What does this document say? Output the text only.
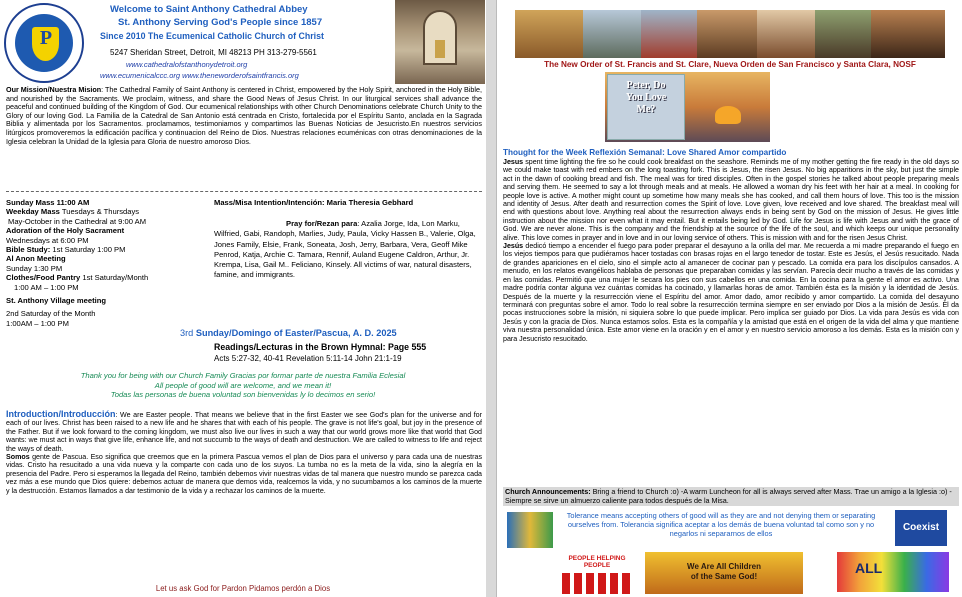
P
Welcome to Saint Anthony Cathedral Abbey
St. Anthony Serving God's People since 1857
Since 2010 The Ecumenical Catholic Church of Christ
5247 Sheridan Street, Detroit, MI 48213 PH 313-279-5561
www.cathedralofstanthonydetroit.org
www.ecumenicalccc.org www.theneworderofsaintfrancis.org
Our Mission/Nuestra Mision: The Cathedral Family of Saint Anthony is centered in Christ, empowered by the Holy Spirit, anchored in the Holy Bible, and nourished by the Sacraments. We proclaim, witness, and share the Good News of Jesus Christ. In our liturgical services shall advance the peaceful and continued building of the Kingdom of God. Our ecumenical relationships with other Church Denominations celebrate Church Unity to the Glory of our loving God. La Familia de la Catedral de San Antonio está centrada en Cristo, fortalecida por el Espíritu Santo, anclada en la Sagrada Biblia y alimentada por los Sacramentos. proclamamos, testimoniamos y compartimos las Buenas Noticias de Jesucristo.En nuestros servicios litúrgicos promoveremos la edificación pacífica y continuacion del Reino de Dios. Nuestras relaciones ecuménicas con otras denominaciones de la Iglesia celebran la Unidad de la Iglesia para Gloria de nuestro amoroso Dios.
Sunday Mass 11:00 AM
Weekday Mass Tuesdays & Thursdays
May-October in the Cathedral at 9:00 AM
Adoration of the Holy Sacrament
Wednesdays at 6:00 PM
Bible Study: 1st Saturday 1:00 PM
Al Anon Meeting
Sunday 1:30 PM
Clothes/Food Pantry 1st Saturday/Month
1:00 AM – 1:00 PM
St. Anthony Village meeting
2nd Saturday of the Month
1:00AM – 1:00 PM
Mass/Misa Intention/Intención: Maria Theresia Gebhard
Pray for/Rezan para: Azalia Jorge, Ida, Lon Marku, Wilfried, Gabi, Randoph, Marlies, Judy, Paula, Vicky Hassen B., Valerie, Olga, Jones Family, Elsie, Frank, Soneata, Josh, Jerry, Barbara, Vera, Geoff Mike Penrod, Katja, Archie C. Tamara, Rennif, Auland Eugene Caldron, Arthur, Jr. Krempa, Lisa, Gail M.. Feliciano, Kinsely. All victims of war, natural disasters, famine, and immigrants.
3rd Sunday/Domingo of Easter/Pascua, A. D. 2025
Readings/Lecturas in the Brown Hymnal: Page 555
Acts 5:27-32, 40-41 Revelation 5:11-14 John 21:1-19
Thank you for being with our Church Family Gracias por formar parte de nuestra Familia Eclesial
All people of good will are welcome, and we mean it!
Todas las personas de buena voluntad son bienvenidas ly lo decimos en serio!
Introduction/Introducción: We are Easter people. That means we believe that in the first Easter we see God's plan for the universe and for each of our lives. Christ has been raised to a new life and he shares that with each of his people. The grave is not life's goal, but joy in the presence of the Father. But if we look forward to the coming kingdom, we must also live our lives in such a way that our world grows more like that world that God wants: we must act in ways that give life, enhance life, and not succumb to the ways of death and destruction. We are called to witness to life and reject the ways of death.
Somos gente de Pascua. Eso significa que creemos que en la primera Pascua vemos el plan de Dios para el universo y para cada una de nuestras vidas. Cristo ha resucitado a una vida nueva y la comparte con cada uno de los suyos. La tumba no es la meta de la vida, sino la alegría en la presencia del Padre. Pero si esperamos la llegada del Reino, también debemos vivir nuestras vidas de tal manera que nuestro mundo se parezca cada vez más a ese mundo que Dios quiere: debemos actuar de manera que demos vida, realcemos la vida, y no sucumbamos a los caminos de la muerte y la destrucción. Estamos llamados a dar testimonio de la vida y a rechazar los caminos de la muerte.
Let us ask God for Pardon Pidamos perdón a Dios
The New Order of St. Francis and St. Clare, Nueva Orden de San Francisco y Santa Clara, NOSF
Peter, Do
You Love
Me?
Thought for the Week Reflexión Semanal: Love Shared Amor compartido
Jesus spent time lighting the fire so he could cook breakfast on the seashore. Reminds me of my mother getting the fire ready in the old days so we could make toast with red embers on the long toasting fork. This is Jesus, the risen Jesus. No big apparitions in the sky, but just the simple act in the dawn of cooking bread and fish. The meal was for tired disciples. Often in the gospel stories he talked about people preparing meals and serving them. He seemed to say a lot through meals and at meals. He allowed a woman dry his feet with her hair at a meal. In cooking for people love is active. A mother might count up sometime how many meals she has cooked, and call them hours of love. This too is the mission and identity of Jesus. After death and resurrection comes the Spirit of love. Love given, love received and love shared. The breakfast meal will end with questions about love. Anything real about the resurrection always ends in being sent by God on the mission of Jesus. He gives little instruction about the mission nor even what it may entail. But it entails being led by God. Life for Jesus is life with Jesus and with the grace of God. We are never alone. This is the company and the friendship at the source of the life of the soul, and which keeps our unique personality alive. This love comes in prayer and in love and in our loving service of others. This is mission with and for the risen Jesus Christ.
Jesús dedicó tiempo a encender el fuego para poder preparar el desayuno a la orilla del mar. Me recuerda a mi madre preparando el fuego en los viejos tiempos para que pudiéramos hacer tostadas con brasas rojas en el largo tenedor de tostar. Este es Jesús, el Jesús resucitado. Nada de grandes apariciones en el cielo, sino el simple acto al amanecer de cocinar pan y pescado. La comida era para los discípulos cansados. A menudo, en los relatos evangélicos hablaba de personas que preparaban comidas y las servían. Parecía decir mucho a través de las comidas y en las comidas. Permitió que una mujer le secara los pies con sus cabellos en una comida. En la cocina para la gente el amor es activo. Una madre podría contar alguna vez cuántas comidas ha cocinado, y llamarlas horas de amor. También ésta es la misión y la identidad de Jesús. Después de la muerte y la resurrección viene el Espíritu del amor. Amor dado, amor recibido y amor compartido. La comida del desayuno terminará con preguntas sobre el amor. Todo lo real sobre la resurrección termina siempre en ser enviado por Dios a la misión de Jesús. Él da pocas instrucciones sobre la misión, ni siquiera sobre lo que puede implicar. Pero implica ser guiado por Dios. La vida para Jesús es vida con Jesús y con la gracia de Dios. Nunca estamos solos. Esta es la compañía y la amistad que está en el origen de la vida del alma y que mantiene viva nuestra personalidad única. Este amor viene en la oración y en el amor y en nuestro servicio amoroso a los demás. Esta es la misión con y para Jesucristo resucitado.
Church Announcements: Bring a friend to Church :o) -A warm Luncheon for all is always served after Mass. Trae un amigo a la Iglesia :o) -Siempre se sirve un almuerzo caliente para todos después de la Misa.
Tolerance means accepting others of good will as they are and not denying them or separating ourselves from. Tolerancia significa aceptar a los demás de buena voluntad tal como son y no negarlos ni separarnos de ellos
Coexist
PEOPLE HELPING PEOPLE	We Are All Children
of the Same God!
ALL
